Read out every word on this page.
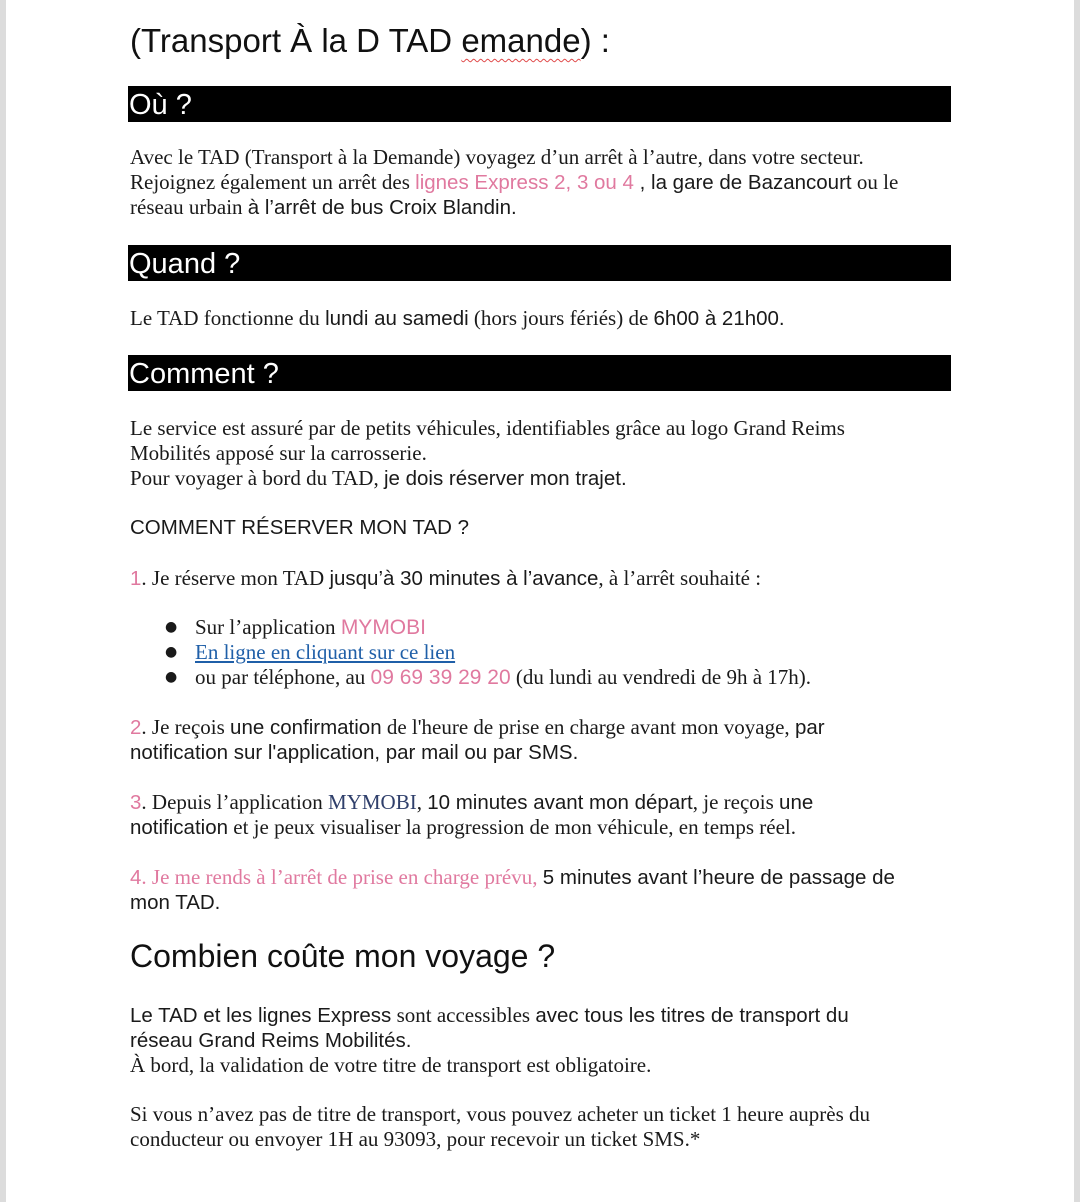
(Transport À la D TAD emande) :
Où ?
Avec le TAD (Transport à la Demande) voyagez d’un arrêt à l’autre, dans votre secteur.
Rejoignez également un arrêt des lignes Express 2, 3 ou 4 , la gare de Bazancourt ou le
réseau urbain à l’arrêt de bus Croix Blandin.
Quand ?
Le TAD fonctionne du lundi au samedi (hors jours fériés) de 6h00 à 21h00.
Comment ?
Le service est assuré par de petits véhicules, identifiables grâce au logo Grand Reims
Mobilités apposé sur la carrosserie.
Pour voyager à bord du TAD, je dois réserver mon trajet.
COMMENT RÉSERVER MON TAD ?
1. Je réserve mon TAD jusqu’à 30 minutes à l’avance, à l’arrêt souhaité :
● Sur l’application MYMOBI
● En ligne en cliquant sur ce lien
● ou par téléphone, au 09 69 39 29 20 (du lundi au vendredi de 9h à 17h).
2. Je reçois une confirmation de l'heure de prise en charge avant mon voyage, par
notification sur l'application, par mail ou par SMS.
3. Depuis l’application MYMOBI, 10 minutes avant mon départ, je reçois une
notification et je peux visualiser la progression de mon véhicule, en temps réel.
4. Je me rends à l’arrêt de prise en charge prévu, 5 minutes avant l’heure de passage de
mon TAD.
Combien coûte mon voyage ?
Le TAD et les lignes Express sont accessibles avec tous les titres de transport du
réseau Grand Reims Mobilités.
À bord, la validation de votre titre de transport est obligatoire.
Si vous n’avez pas de titre de transport, vous pouvez acheter un ticket 1 heure auprès du
conducteur ou envoyer 1H au 93093, pour recevoir un ticket SMS.*
